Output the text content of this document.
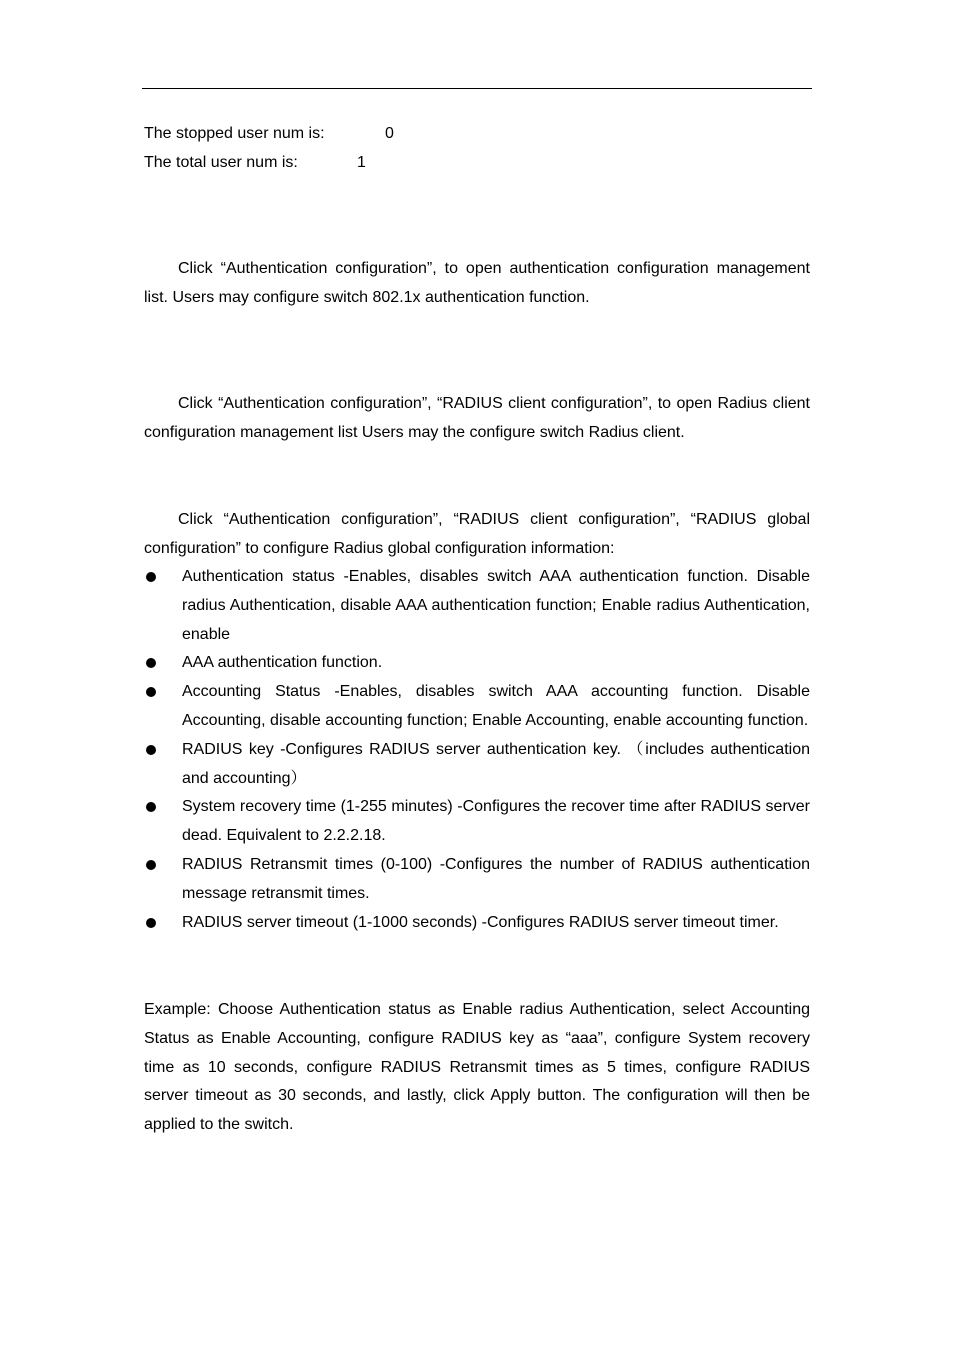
The stopped user num is:	0
The total user num is:	1

Click “Authentication configuration”, to open authentication configuration management list. Users may configure switch 802.1x authentication function.

Click “Authentication configuration”, “RADIUS client configuration”, to open Radius client configuration management list Users may the configure switch Radius client.

Click “Authentication configuration”, “RADIUS client configuration”, “RADIUS global configuration” to configure Radius global configuration information:

Authentication status -Enables, disables switch AAA authentication function. Disable radius Authentication, disable AAA authentication function; Enable radius Authentication, enable
AAA authentication function.
Accounting Status -Enables, disables switch AAA accounting function. Disable Accounting, disable accounting function; Enable Accounting, enable accounting function.
RADIUS key -Configures RADIUS server authentication key. （includes authentication and accounting）
System recovery time (1-255 minutes) -Configures the recover time after RADIUS server dead. Equivalent to 2.2.2.18.
RADIUS Retransmit times (0-100) -Configures the number of RADIUS authentication message retransmit times.
RADIUS server timeout (1-1000 seconds) -Configures RADIUS server timeout timer.

Example: Choose Authentication status as Enable radius Authentication, select Accounting Status as Enable Accounting, configure RADIUS key as “aaa”, configure System recovery time as 10 seconds, configure RADIUS Retransmit times as 5 times, configure RADIUS server timeout as 30 seconds, and lastly, click Apply button. The configuration will then be applied to the switch.
